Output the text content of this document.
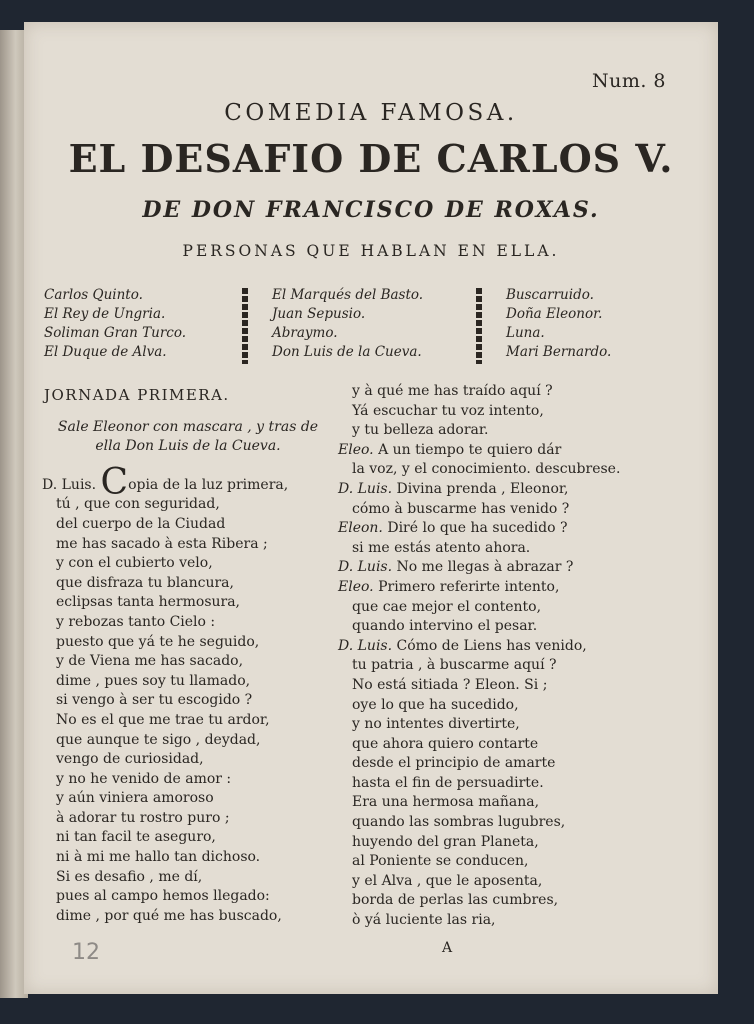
Num. 8
COMEDIA FAMOSA.
EL DESAFIO DE CARLOS V.
DE DON FRANCISCO DE ROXAS.
PERSONAS QUE HABLAN EN ELLA.
Carlos Quinto.
El Rey de Ungria.
Soliman Gran Turco.
El Duque de Alva.
El Marqués del Basto.
Juan Sepusio.
Abraymo.
Don Luis de la Cueva.
Buscarruido.
Doña Eleonor.
Luna.
Mari Bernardo.
JORNADA PRIMERA.
Sale Eleonor con mascara , y tras de
ella Don Luis de la Cueva.
D. Luis. Copia de la luz primera,
tú , que con seguridad,
del cuerpo de la Ciudad
me has sacado à esta Ribera ;
y con el cubierto velo,
que disfraza tu blancura,
eclipsas tanta hermosura,
y rebozas tanto Cielo :
puesto que yá te he seguido,
y de Viena me has sacado,
dime , pues soy tu llamado,
si vengo à ser tu escogido ?
No es el que me trae tu ardor,
que aunque te sigo , deydad,
vengo de curiosidad,
y no he venido de amor :
y aún viniera amoroso
à adorar tu rostro puro ;
ni tan facil te aseguro,
ni à mi me hallo tan dichoso.
Si es desafio , me dí,
pues al campo hemos llegado:
dime , por qué me has buscado,
y à qué me has traído aquí ?
Yá escuchar tu voz intento,
y tu belleza adorar.
Eleo. A un tiempo te quiero dár
la voz, y el conocimiento. descubrese.
D. Luis. Divina prenda , Eleonor,
cómo à buscarme has venido ?
Eleon. Diré lo que ha sucedido ?
si me estás atento ahora.
D. Luis. No me llegas à abrazar ?
Eleo. Primero referirte intento,
que cae mejor el contento,
quando intervino el pesar.
D. Luis. Cómo de Liens has venido,
tu patria , à buscarme aquí ?
No está sitiada ? Eleon. Si ;
oye lo que ha sucedido,
y no intentes divertirte,
que ahora quiero contarte
desde el principio de amarte
hasta el fin de persuadirte.
Era una hermosa mañana,
quando las sombras lugubres,
huyendo del gran Planeta,
al Poniente se conducen,
y el Alva , que le aposenta,
borda de perlas las cumbres,
ò yá luciente las ria,
A
12
